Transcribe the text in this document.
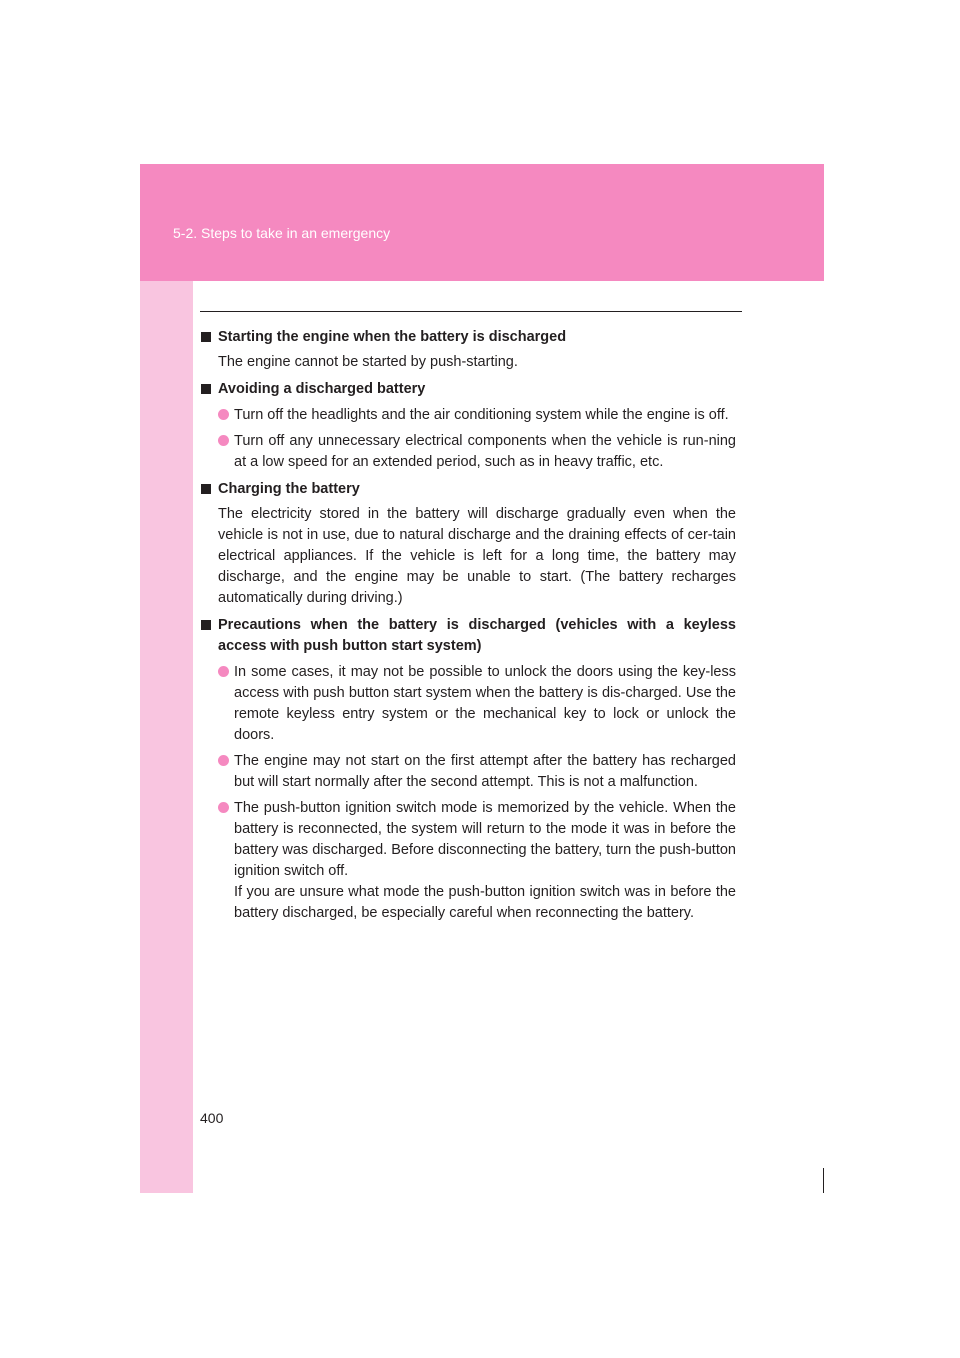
5-2. Steps to take in an emergency
Starting the engine when the battery is discharged
The engine cannot be started by push-starting.
Avoiding a discharged battery
Turn off the headlights and the air conditioning system while the engine is off.
Turn off any unnecessary electrical components when the vehicle is run-ning at a low speed for an extended period, such as in heavy traffic, etc.
Charging the battery
The electricity stored in the battery will discharge gradually even when the vehicle is not in use, due to natural discharge and the draining effects of cer-tain electrical appliances. If the vehicle is left for a long time, the battery may discharge, and the engine may be unable to start. (The battery recharges automatically during driving.)
Precautions when the battery is discharged (vehicles with a keyless access with push button start system)
In some cases, it may not be possible to unlock the doors using the key-less access with push button start system when the battery is dis-charged. Use the remote keyless entry system or the mechanical key to lock or unlock the doors.
The engine may not start on the first attempt after the battery has recharged but will start normally after the second attempt. This is not a malfunction.
The push-button ignition switch mode is memorized by the vehicle. When the battery is reconnected, the system will return to the mode it was in before the battery was discharged. Before disconnecting the battery, turn the push-button ignition switch off.
If you are unsure what mode the push-button ignition switch was in before the battery discharged, be especially careful when reconnecting the battery.
400
